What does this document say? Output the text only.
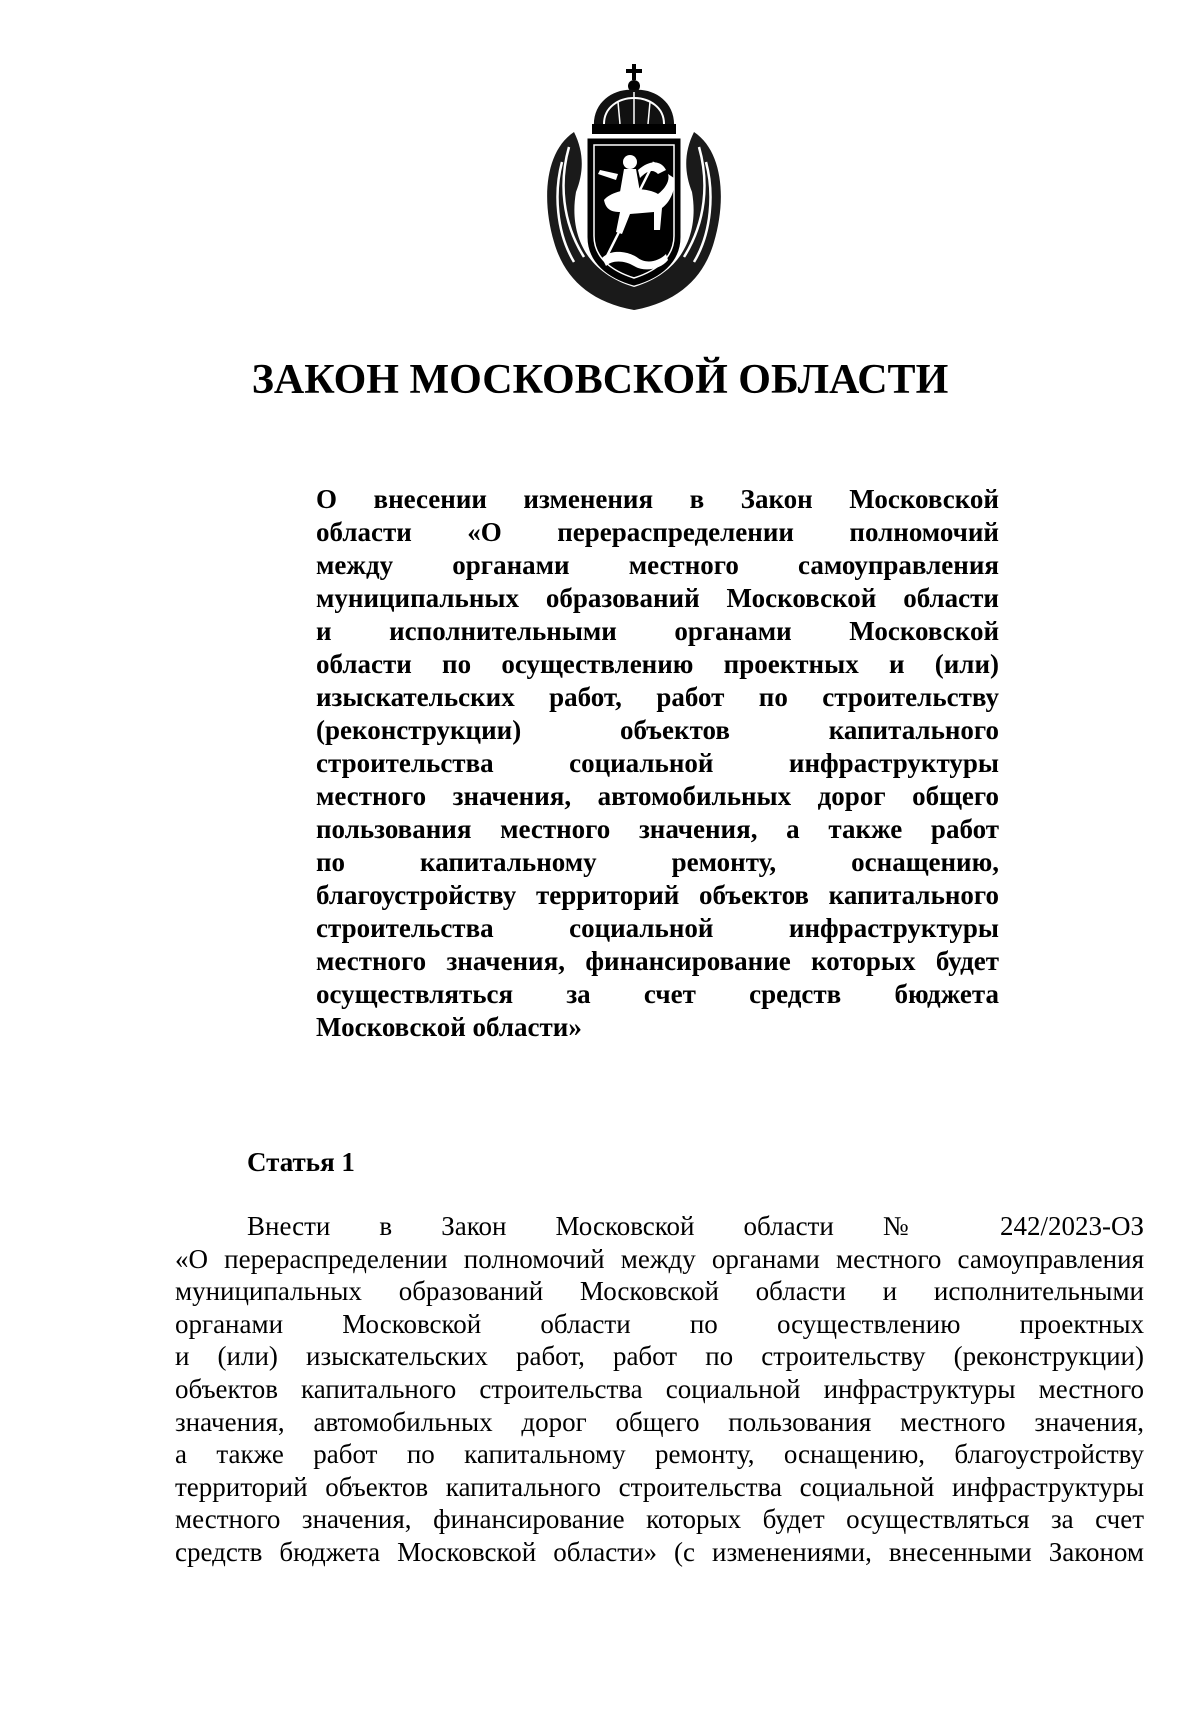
ЗАКОН МОСКОВСКОЙ ОБЛАСТИ
О внесении изменения в Закон Московской
области «О перераспределении полномочий
между органами местного самоуправления
муниципальных образований Московской области
и исполнительными органами Московской
области по осуществлению проектных и (или)
изыскательских работ, работ по строительству
(реконструкции) объектов капитального
строительства социальной инфраструктуры
местного значения, автомобильных дорог общего
пользования местного значения, а также работ
по капитальному ремонту, оснащению,
благоустройству территорий объектов капитального
строительства социальной инфраструктуры
местного значения, финансирование которых будет
осуществляться за счет средств бюджета
Московской области»
Статья 1
Внести в Закон Московской области № 242/2023-ОЗ
«О перераспределении полномочий между органами местного самоуправления
муниципальных образований Московской области и исполнительными
органами Московской области по осуществлению проектных
и (или) изыскательских работ, работ по строительству (реконструкции)
объектов капитального строительства социальной инфраструктуры местного
значения, автомобильных дорог общего пользования местного значения,
а также работ по капитальному ремонту, оснащению, благоустройству
территорий объектов капитального строительства социальной инфраструктуры
местного значения, финансирование которых будет осуществляться за счет
средств бюджета Московской области» (с изменениями, внесенными Законом
